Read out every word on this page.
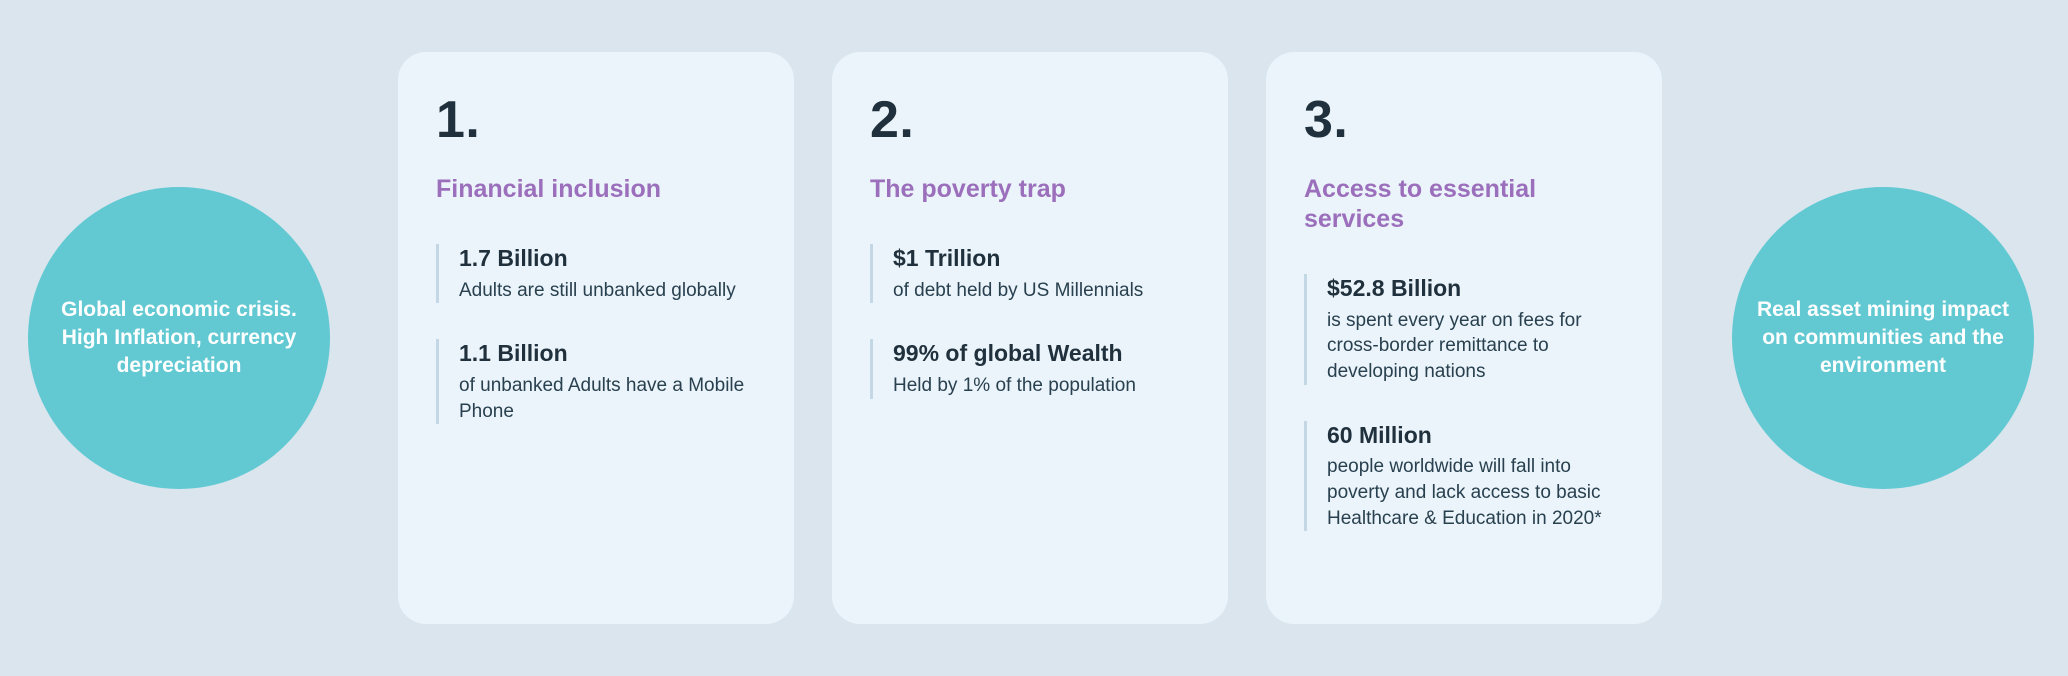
Global economic crisis.

High Inflation, currency depreciation

1.
Financial inclusion
1.7 Billion
Adults are still unbanked globally
1.1 Billion
of unbanked Adults have a Mobile Phone
2.
The poverty trap
$1 Trillion
of debt held by US Millennials
99% of global Wealth
Held by 1% of the population
3.
Access to essential services
$52.8 Billion
is spent every year on fees for cross-border remittance to developing nations
60 Million
people worldwide will fall into poverty and lack access to basic Healthcare & Education in 2020*

Real asset mining impact on communities and the environment
